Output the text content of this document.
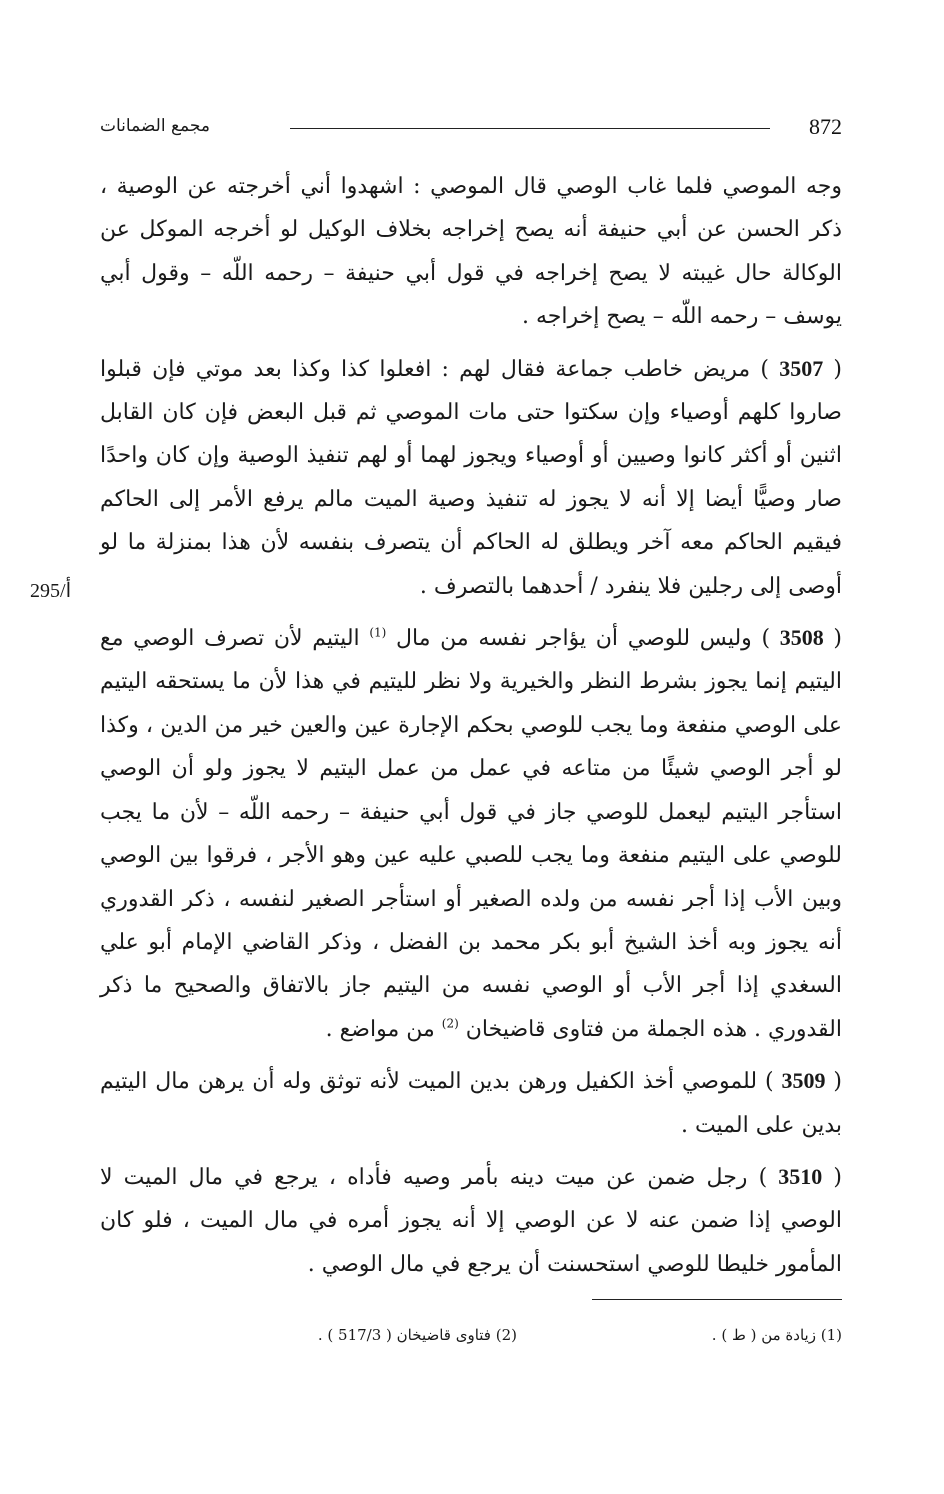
مجمع الضمانات	872
295/أ

وجه الموصي فلما غاب الوصي قال الموصي : اشهدوا أني أخرجته عن الوصية ، ذكر الحسن عن أبي حنيفة أنه يصح إخراجه بخلاف الوكيل لو أخرجه الموكل عن الوكالة حال غيبته لا يصح إخراجه في قول أبي حنيفة – رحمه اللّه – وقول أبي يوسف – رحمه اللّه – يصح إخراجه .

( 3507 ) مريض خاطب جماعة فقال لهم : افعلوا كذا وكذا بعد موتي فإن قبلوا صاروا كلهم أوصياء وإن سكتوا حتى مات الموصي ثم قبل البعض فإن كان القابل اثنين أو أكثر كانوا وصيين أو أوصياء ويجوز لهما أو لهم تنفيذ الوصية وإن كان واحدًا صار وصيًّا أيضا إلا أنه لا يجوز له تنفيذ وصية الميت مالم يرفع الأمر إلى الحاكم فيقيم الحاكم معه آخر ويطلق له الحاكم أن يتصرف بنفسه لأن هذا بمنزلة ما لو أوصى إلى رجلين فلا ينفرد / أحدهما بالتصرف .

( 3508 ) وليس للوصي أن يؤاجر نفسه من مال $^{(1)}$ اليتيم لأن تصرف الوصي مع اليتيم إنما يجوز بشرط النظر والخيرية ولا نظر لليتيم في هذا لأن ما يستحقه اليتيم على الوصي منفعة وما يجب للوصي بحكم الإجارة عين والعين خير من الدين ، وكذا لو أجر الوصي شيئًا من متاعه في عمل من عمل اليتيم لا يجوز ولو أن الوصي استأجر اليتيم ليعمل للوصي جاز في قول أبي حنيفة – رحمه اللّه – لأن ما يجب للوصي على اليتيم منفعة وما يجب للصبي عليه عين وهو الأجر ، فرقوا بين الوصي وبين الأب إذا أجر نفسه من ولده الصغير أو استأجر الصغير لنفسه ، ذكر القدوري أنه يجوز وبه أخذ الشيخ أبو بكر محمد بن الفضل ، وذكر القاضي الإمام أبو علي السغدي إذا أجر الأب أو الوصي نفسه من اليتيم جاز بالاتفاق والصحيح ما ذكر القدوري . هذه الجملة من فتاوى قاضيخان $^{(2)}$ من مواضع .

( 3509 ) للموصي أخذ الكفيل ورهن بدين الميت لأنه توثق وله أن يرهن مال اليتيم بدين على الميت .

( 3510 ) رجل ضمن عن ميت دينه بأمر وصيه فأداه ، يرجع في مال الميت لا الوصي إذا ضمن عنه لا عن الوصي إلا أنه يجوز أمره في مال الميت ، فلو كان المأمور خليطا للوصي استحسنت أن يرجع في مال الوصي .

(1) زيادة من ( ط ) .
(2) فتاوى قاضيخان ( 517/3 ) .
